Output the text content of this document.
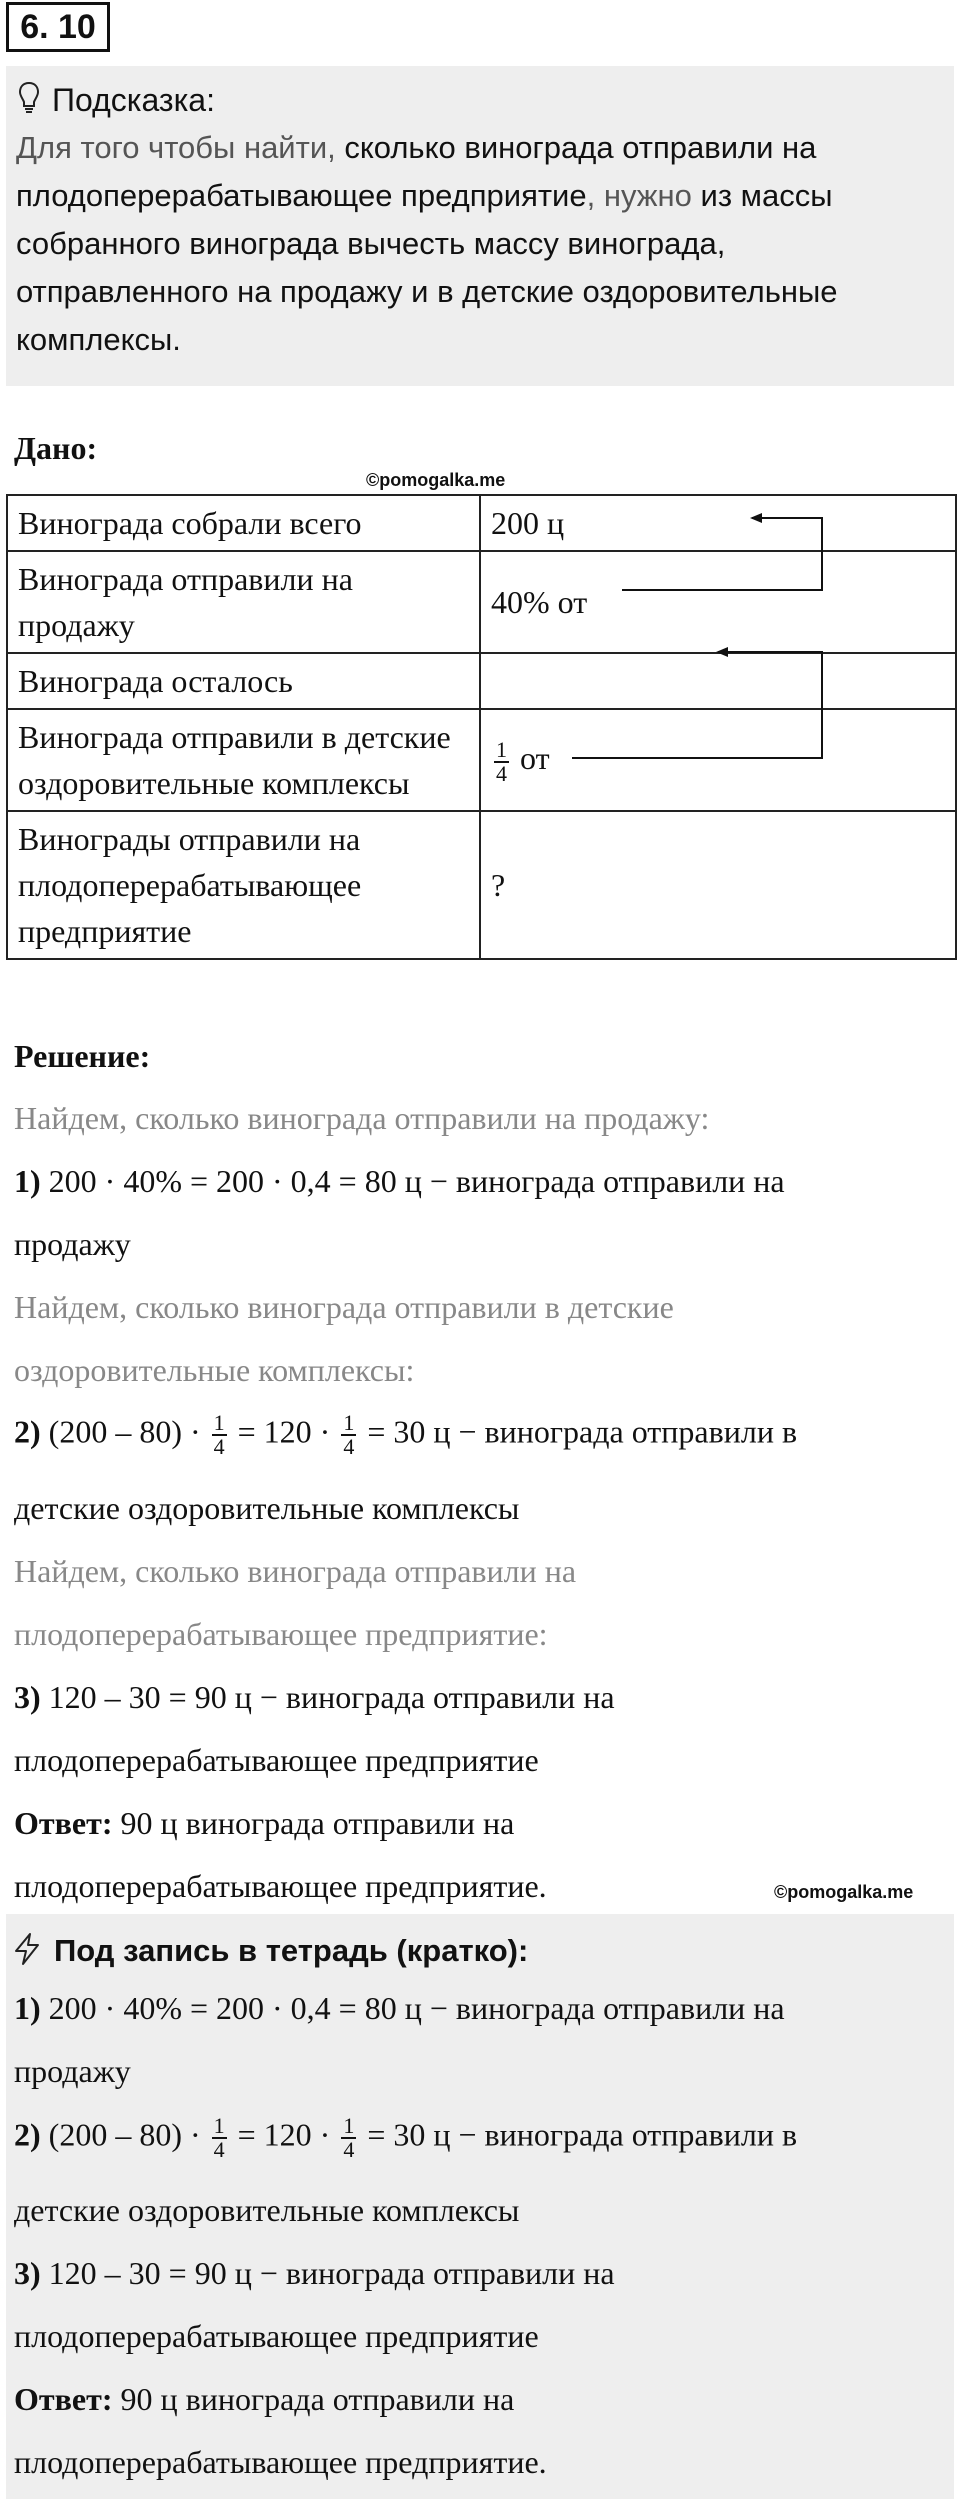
6. 10
Подсказка:
Для того чтобы найти, сколько винограда отправили на плодоперерабатывающее предприятие, нужно из массы собранного винограда вычесть массу винограда, отправленного на продажу и в детские оздоровительные комплексы.
Дано:
©pomogalka.me
Винограда собрали всего	200 ц
Винограда отправили на продажу	40% от
Винограда осталось	
Винограда отправили в детские оздоровительные комплексы	$\frac{1}{4}$ от
Винограды отправили на плодоперерабатывающее предприятие	?
Решение:
Найдем, сколько винограда отправили на продажу:
1) 200 · 40% = 200 · 0,4 = 80 ц − винограда отправили на
продажу
Найдем, сколько винограда отправили в детские
оздоровительные комплексы:
2) $(200 - 80) \cdot \frac{1}{4} = 120 \cdot \frac{1}{4} = 30$ ц − винограда отправили в
детские оздоровительные комплексы
Найдем, сколько винограда отправили на
плодоперерабатывающее предприятие:
3) 120 – 30 = 90 ц − винограда отправили на
плодоперерабатывающее предприятие
Ответ: 90 ц винограда отправили на
плодоперерабатывающее предприятие.	©pomogalka.me
Под запись в тетрадь (кратко):
1) 200 · 40% = 200 · 0,4 = 80 ц − винограда отправили на
продажу
2) $(200 - 80) \cdot \frac{1}{4} = 120 \cdot \frac{1}{4} = 30$ ц − винограда отправили в
детские оздоровительные комплексы
3) 120 – 30 = 90 ц − винограда отправили на
плодоперерабатывающее предприятие
Ответ: 90 ц винограда отправили на
плодоперерабатывающее предприятие.
